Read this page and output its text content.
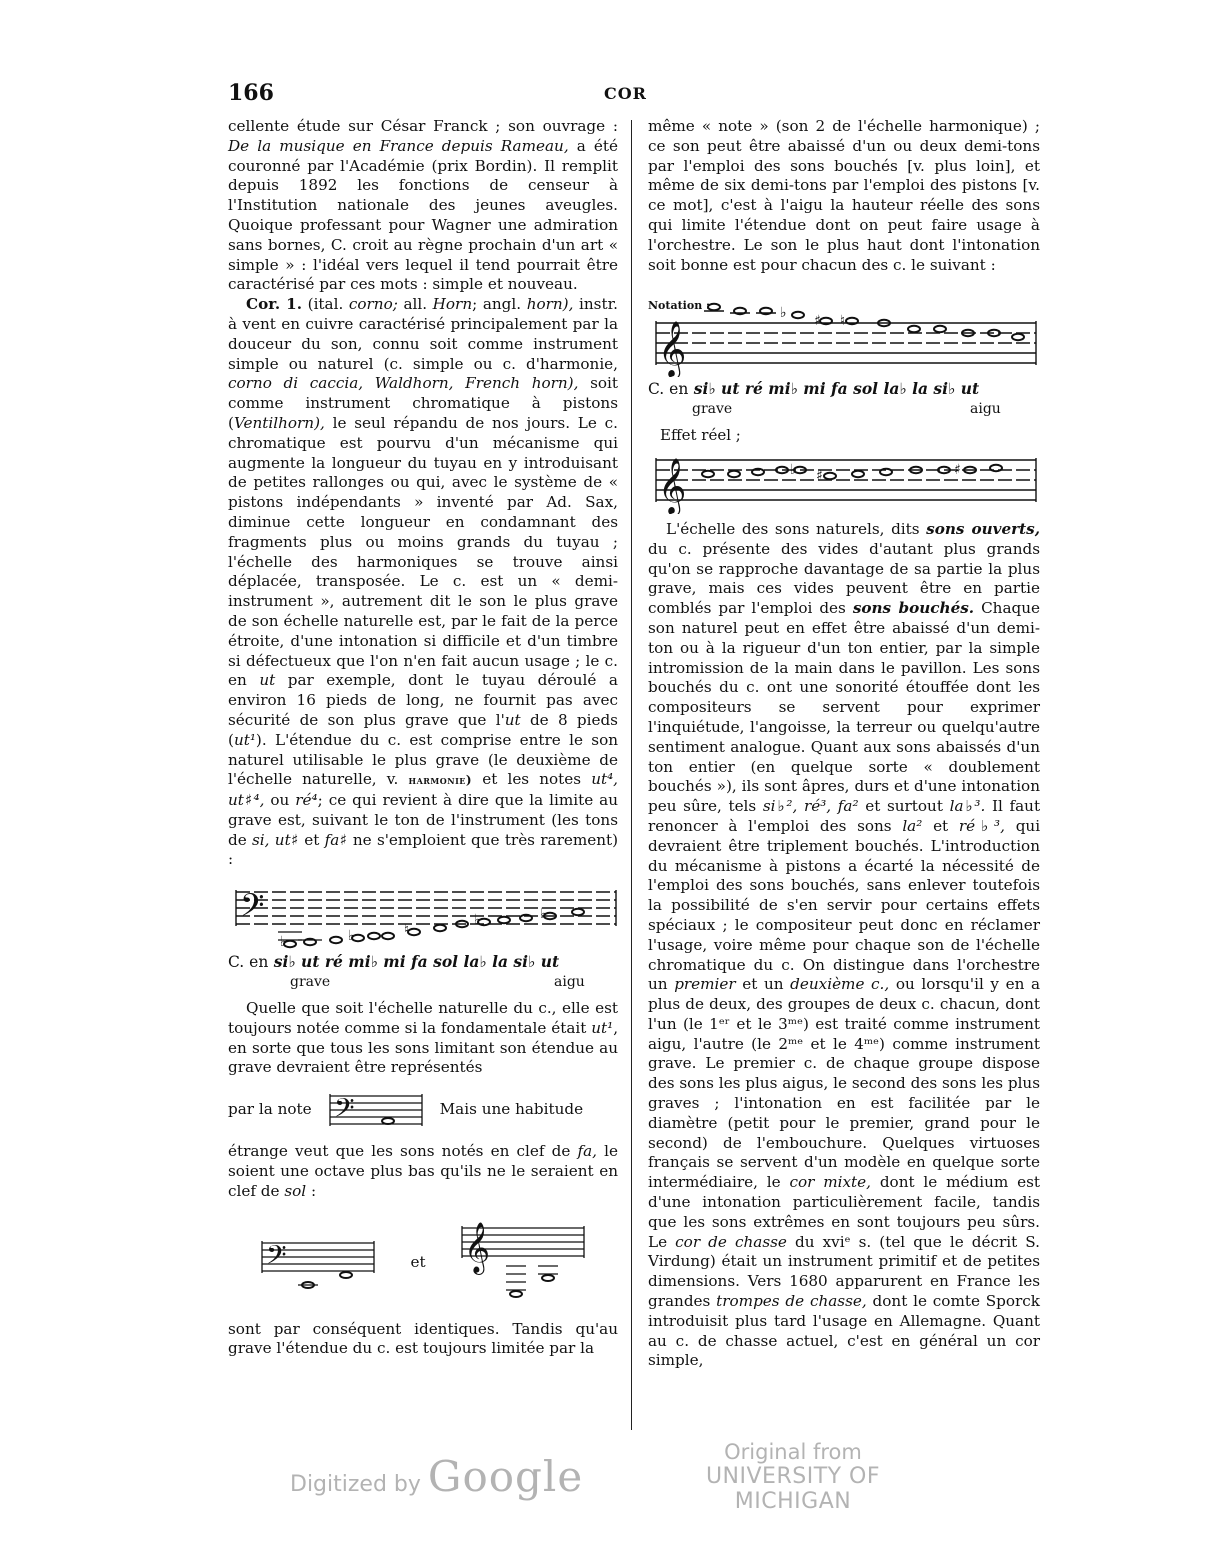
166	COR

cellente étude sur César Franck ; son ouvrage : De la musique en France depuis Rameau, a été couronné par l'Académie (prix Bordin). Il remplit depuis 1892 les fonctions de censeur à l'Institution nationale des jeunes aveugles. Quoique professant pour Wagner une admiration sans bornes, C. croit au règne prochain d'un art « simple » : l'idéal vers lequel il tend pourrait être caractérisé par ces mots : simple et nouveau.

Cor. 1. (ital. corno; all. Horn; angl. horn), instr. à vent en cuivre caractérisé principalement par la douceur du son, connu soit comme instrument simple ou naturel (c. simple ou c. d'harmonie, corno di caccia, Waldhorn, French horn), soit comme instrument chromatique à pistons (Ventilhorn), le seul répandu de nos jours. Le c. chromatique est pourvu d'un mécanisme qui augmente la longueur du tuyau en y introduisant de petites rallonges ou qui, avec le système de « pistons indépendants » inventé par Ad. Sax, diminue cette longueur en condamnant des fragments plus ou moins grands du tuyau ; l'échelle des harmoniques se trouve ainsi déplacée, transposée. Le c. est un « demi-instrument », autrement dit le son le plus grave de son échelle naturelle est, par le fait de la perce étroite, d'une intonation si difficile et d'un timbre si défectueux que l'on n'en fait aucun usage ; le c. en ut par exemple, dont le tuyau déroulé a environ 16 pieds de long, ne fournit pas avec sécurité de son plus grave que l'ut de 8 pieds (ut¹). L'étendue du c. est comprise entre le son naturel utilisable le plus grave (le deuxième de l'échelle naturelle, v. harmonie) et les notes ut⁴, ut♯⁴, ou ré⁴; ce qui revient à dire que la limite au grave est, suivant le ton de l'instrument (les tons de si, ut♯ et fa♯ ne s'emploient que très rarement) :

𝄢
♭	♭	♮
♭	♭
C. en si♭ ut ré mi♭ mi fa sol la♭ la si♭ ut
grave	aigu

Quelle que soit l'échelle naturelle du c., elle est toujours notée comme si la fondamentale était ut¹, en sorte que tous les sons limitant son étendue au grave devraient être représentés

par la note 𝄢	Mais une habitude

étrange veut que les sons notés en clef de fa, le soient une octave plus bas qu'ils ne le seraient en clef de sol :

𝄢	et 𝄞

sont par conséquent identiques. Tandis qu'au grave l'étendue du c. est toujours limitée par la

même « note » (son 2 de l'échelle harmonique) ; ce son peut être abaissé d'un ou deux demi-tons par l'emploi des sons bouchés [v. plus loin], et même de six demi-tons par l'emploi des pistons [v. ce mot], c'est à l'aigu la hauteur réelle des sons qui limite l'étendue dont on peut faire usage à l'orchestre. Le son le plus haut dont l'intonation soit bonne est pour chacun des c. le suivant :

Notation :
𝄞
♭ ♯ ♮
C. en si♭ ut ré mi♭ mi fa sol la♭ la si♭ ut
grave	aigu
Effet réel ;
𝄞	♭ ♯	♯

L'échelle des sons naturels, dits sons ouverts, du c. présente des vides d'autant plus grands qu'on se rapproche davantage de sa partie la plus grave, mais ces vides peuvent être en partie comblés par l'emploi des sons bouchés. Chaque son naturel peut en effet être abaissé d'un demi-ton ou à la rigueur d'un ton entier, par la simple intromission de la main dans le pavillon. Les sons bouchés du c. ont une sonorité étouffée dont les compositeurs se servent pour exprimer l'inquiétude, l'angoisse, la terreur ou quelqu'autre sentiment analogue. Quant aux sons abaissés d'un ton entier (en quelque sorte « doublement bouchés »), ils sont âpres, durs et d'une intonation peu sûre, tels si♭², ré³, fa² et surtout la♭³. Il faut renoncer à l'emploi des sons la² et ré♭³, qui devraient être triplement bouchés. L'introduction du mécanisme à pistons a écarté la nécessité de l'emploi des sons bouchés, sans enlever toutefois la possibilité de s'en servir pour certains effets spéciaux ; le compositeur peut donc en réclamer l'usage, voire même pour chaque son de l'échelle chromatique du c. On distingue dans l'orchestre un premier et un deuxième c., ou lorsqu'il y en a plus de deux, des groupes de deux c. chacun, dont l'un (le 1ᵉʳ et le 3ᵐᵉ) est traité comme instrument aigu, l'autre (le 2ᵐᵉ et le 4ᵐᵉ) comme instrument grave. Le premier c. de chaque groupe dispose des sons les plus aigus, le second des sons les plus graves ; l'intonation en est facilitée par le diamètre (petit pour le premier, grand pour le second) de l'embouchure. Quelques virtuoses français se servent d'un modèle en quelque sorte intermédiaire, le cor mixte, dont le médium est d'une intonation particulièrement facile, tandis que les sons extrêmes en sont toujours peu sûrs. Le cor de chasse du xviᵉ s. (tel que le décrit S. Virdung) était un instrument primitif et de petites dimensions. Vers 1680 apparurent en France les grandes trompes de chasse, dont le comte Sporck introduisit plus tard l'usage en Allemagne. Quant au c. de chasse actuel, c'est en général un cor simple,

Digitized by Google	Original from
UNIVERSITY OF MICHIGAN
